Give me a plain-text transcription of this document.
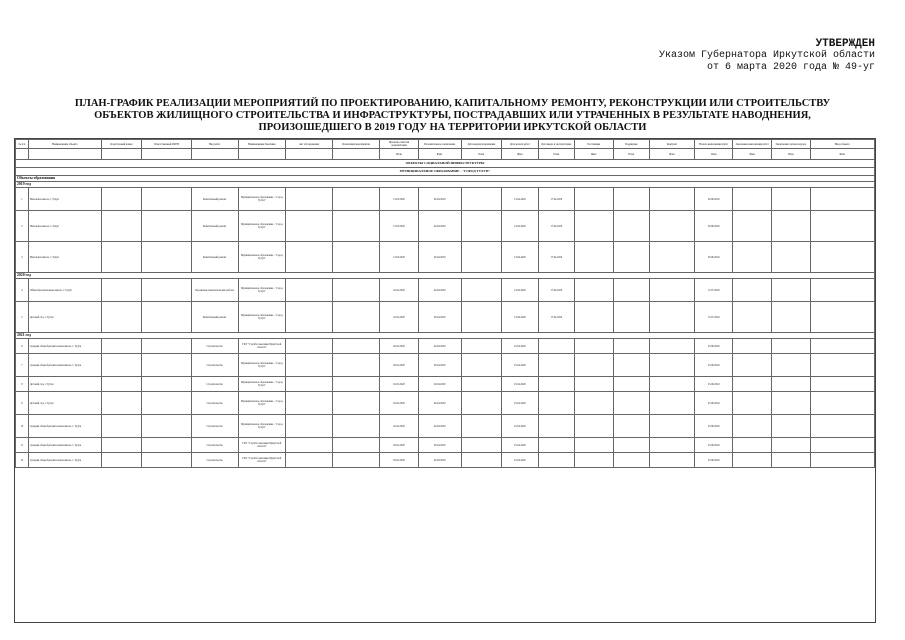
УТВЕРЖДЕН
Указом Губернатора Иркутской области
от 6 марта 2020 года № 49-уг
ПЛАН-ГРАФИК РЕАЛИЗАЦИИ МЕРОПРИЯТИЙ ПО ПРОЕКТИРОВАНИЮ, КАПИТАЛЬНОМУ РЕМОНТУ, РЕКОНСТРУКЦИИ ИЛИ СТРОИТЕЛЬСТВУ
ОБЪЕКТОВ ЖИЛИЩНОГО СТРОИТЕЛЬСТВА И ИНФРАСТРУКТУРЫ, ПОСТРАДАВШИХ ИЛИ УТРАЧЕННЫХ В РЕЗУЛЬТАТЕ НАВОДНЕНИЯ,
ПРОИЗОШЕДШЕГО В 2019 ГОДУ НА ТЕРРИТОРИИ ИРКУТСКОЙ ОБЛАСТИ
№ п/п	Наименование объекта	Кадастровый номер	Ответственный ИОГВ	Вид работ	Наименование Заказчика	Акт обследования	Реализация мероприятия	Проектно-сметная документация	Положительное заключение	Дата выдачи разрешения	Дата начала работ	Дата ввода в эксплуатацию	Поставщик	Подрядчик	Контракт	Начало выполнения работ	Окончание выполнения работ	Заключение органа надзора	Ввод объекта
								План	Факт	План	Факт	План	Факт	План	Факт	План	Факт	План	Факт
ОБЪЕКТЫ СОЦИАЛЬНОЙ ИНФРАСТРУКТУРЫ																			
МУНИЦИПАЛЬНОЕ ОБРАЗОВАНИЕ - "ГОРОД ТУЛУН"																			
Объекты образования																			
2019 год																			
1	Начальная школа, г. Тулун			Капитальный ремонт	Муниципальное образование - "город Тулун"			13.03.2020	20.04.2020		13.04.2020	17.04.2020				30.06.2020			
2	Начальная школа, г. Тулун			Капитальный ремонт	Муниципальное образование - "город Тулун"			13.03.2020	20.04.2020		13.04.2020	17.04.2020				30.06.2020			
3	Начальная школа, г. Тулун			Капитальный ремонт	Муниципальное образование - "город Тулун"			13.03.2020	20.04.2020		13.04.2020	17.04.2020				30.06.2020			
2020 год																			
4	Общеобразовательная школа, г. Тулун			Проектные изыскательские работы	Муниципальное образование - "город Тулун"			10.02.2020	20.04.2020		13.04.2020	17.04.2020				15.07.2020			
5	Детский сад, г. Тулун			Капитальный ремонт	Муниципальное образование - "город Тулун"			10.02.2020	20.04.2020		13.04.2020	17.04.2020				15.07.2020			
2021 год																			
6	Средняя общеобразовательная школа, г. Тулун			Строительство	ГКУ "Служба заказчика Иркутской области"			02.02.2020	20.04.2020		25.04.2020					25.06.2020			
7	Средняя общеобразовательная школа, г. Тулун			Строительство	Муниципальное образование - "город Тулун"			02.02.2020	20.04.2020		25.04.2020					25.06.2020			
8	Детский сад, г. Тулун			Строительство	Муниципальное образование - "город Тулун"			01.02.2020	20.04.2020		25.04.2020					25.06.2020			
9	Детский сад, г. Тулун			Строительство	Муниципальное образование - "город Тулун"			01.02.2020	20.04.2020		25.04.2020					25.06.2020			
10	Средняя общеобразовательная школа, г. Тулун			Строительство	Муниципальное образование - "город Тулун"			01.02.2020	20.04.2020		25.04.2020					25.06.2020			
11	Средняя общеобразовательная школа, г. Тулун			Строительство	ГКУ "Служба заказчика Иркутской области"			03.02.2020	20.04.2020		25.04.2020					25.06.2020			
12	Средняя общеобразовательная школа, г. Тулун			Строительство	ГКУ "Служба заказчика Иркутской области"			03.02.2020	20.04.2020		25.04.2020					25.06.2020			
